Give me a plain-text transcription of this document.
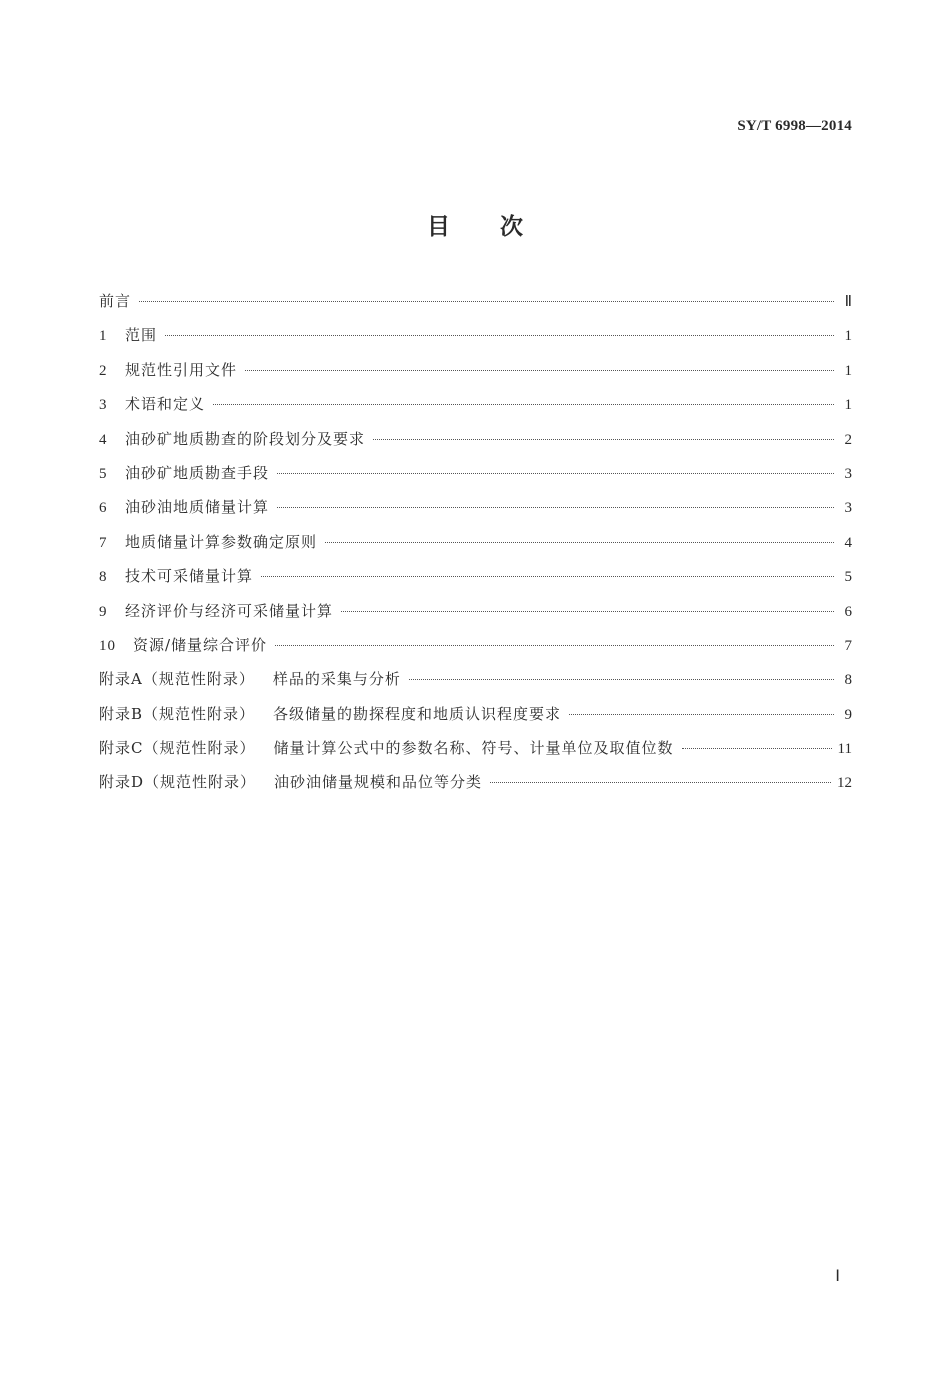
SY/T 6998—2014
目次
前言	Ⅱ
1 范围	1
2 规范性引用文件	1
3 术语和定义	1
4 油砂矿地质勘查的阶段划分及要求	2
5 油砂矿地质勘查手段	3
6 油砂油地质储量计算	3
7 地质储量计算参数确定原则	4
8 技术可采储量计算	5
9 经济评价与经济可采储量计算	6
10 资源/储量综合评价	7
附录A（规范性附录） 样品的采集与分析	8
附录B（规范性附录） 各级储量的勘探程度和地质认识程度要求	9
附录C（规范性附录） 储量计算公式中的参数名称、符号、计量单位及取值位数	11
附录D（规范性附录） 油砂油储量规模和品位等分类	12
Ⅰ
